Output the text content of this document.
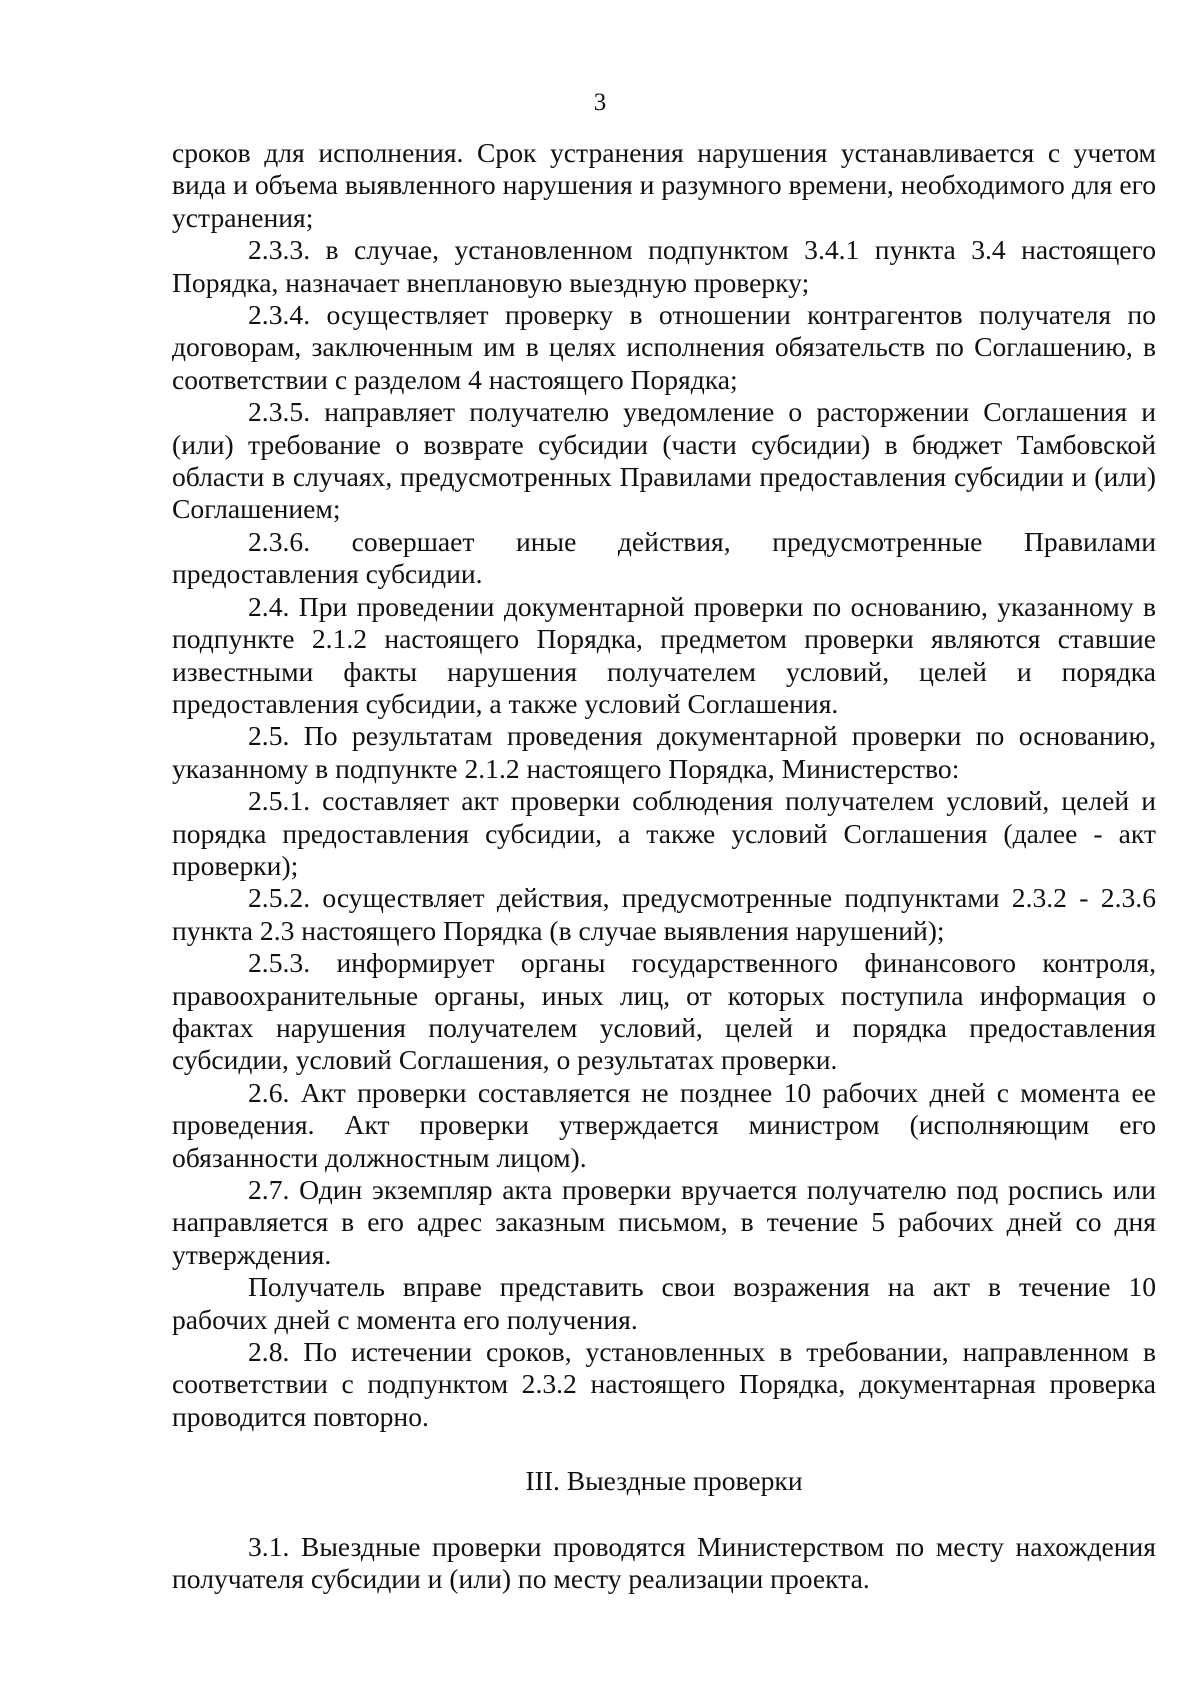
3

сроков для исполнения. Срок устранения нарушения устанавливается с учетом вида и объема выявленного нарушения и разумного времени, необходимого для его устранения;

2.3.3. в случае, установленном подпунктом 3.4.1 пункта 3.4 настоящего Порядка, назначает внеплановую выездную проверку;

2.3.4. осуществляет проверку в отношении контрагентов получателя по договорам, заключенным им в целях исполнения обязательств по Соглашению, в соответствии с разделом 4 настоящего Порядка;

2.3.5. направляет получателю уведомление о расторжении Соглашения и (или) требование о возврате субсидии (части субсидии) в бюджет Тамбовской области в случаях, предусмотренных Правилами предоставления субсидии и (или) Соглашением;

2.3.6. совершает иные действия, предусмотренные Правилами предоставления субсидии.

2.4. При проведении документарной проверки по основанию, указанному в подпункте 2.1.2 настоящего Порядка, предметом проверки являются ставшие известными факты нарушения получателем условий, целей и порядка предоставления субсидии, а также условий Соглашения.

2.5. По результатам проведения документарной проверки по основанию, указанному в подпункте 2.1.2 настоящего Порядка, Министерство:

2.5.1. составляет акт проверки соблюдения получателем условий, целей и порядка предоставления субсидии, а также условий Соглашения (далее - акт проверки);

2.5.2. осуществляет действия, предусмотренные подпунктами 2.3.2 - 2.3.6 пункта 2.3 настоящего Порядка (в случае выявления нарушений);

2.5.3. информирует органы государственного финансового контроля, правоохранительные органы, иных лиц, от которых поступила информация о фактах нарушения получателем условий, целей и порядка предоставления субсидии, условий Соглашения, о результатах проверки.

2.6. Акт проверки составляется не позднее 10 рабочих дней с момента ее проведения. Акт проверки утверждается министром (исполняющим его обязанности должностным лицом).

2.7. Один экземпляр акта проверки вручается получателю под роспись или направляется в его адрес заказным письмом, в течение 5 рабочих дней со дня утверждения.

Получатель вправе представить свои возражения на акт в течение 10 рабочих дней с момента его получения.

2.8. По истечении сроков, установленных в требовании, направленном в соответствии с подпунктом 2.3.2 настоящего Порядка, документарная проверка проводится повторно.

III. Выездные проверки

3.1. Выездные проверки проводятся Министерством по месту нахождения получателя субсидии и (или) по месту реализации проекта.
